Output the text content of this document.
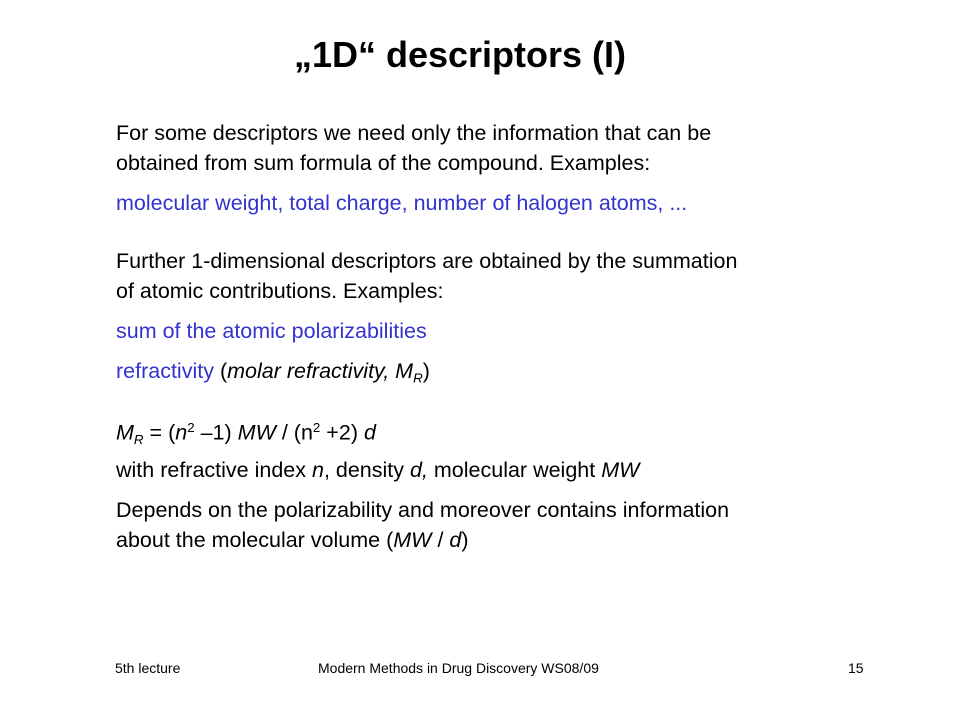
„1D“ descriptors (I)
For some descriptors we need only the information that can be
obtained from sum formula of the compound. Examples:
molecular weight, total charge, number of halogen atoms, ...
Further 1-dimensional descriptors are obtained by the summation
of atomic contributions. Examples:
sum of the atomic polarizabilities
refractivity (molar refractivity, $M_R$)
$M_R = (n^2$ –1) MW / $(n^2 +2)$ d
with refractive index n, density d, molecular weight MW
Depends on the polarizability and moreover contains information
about the molecular volume (MW / d)
5th lecture	Modern Methods in Drug Discovery WS08/09	15
